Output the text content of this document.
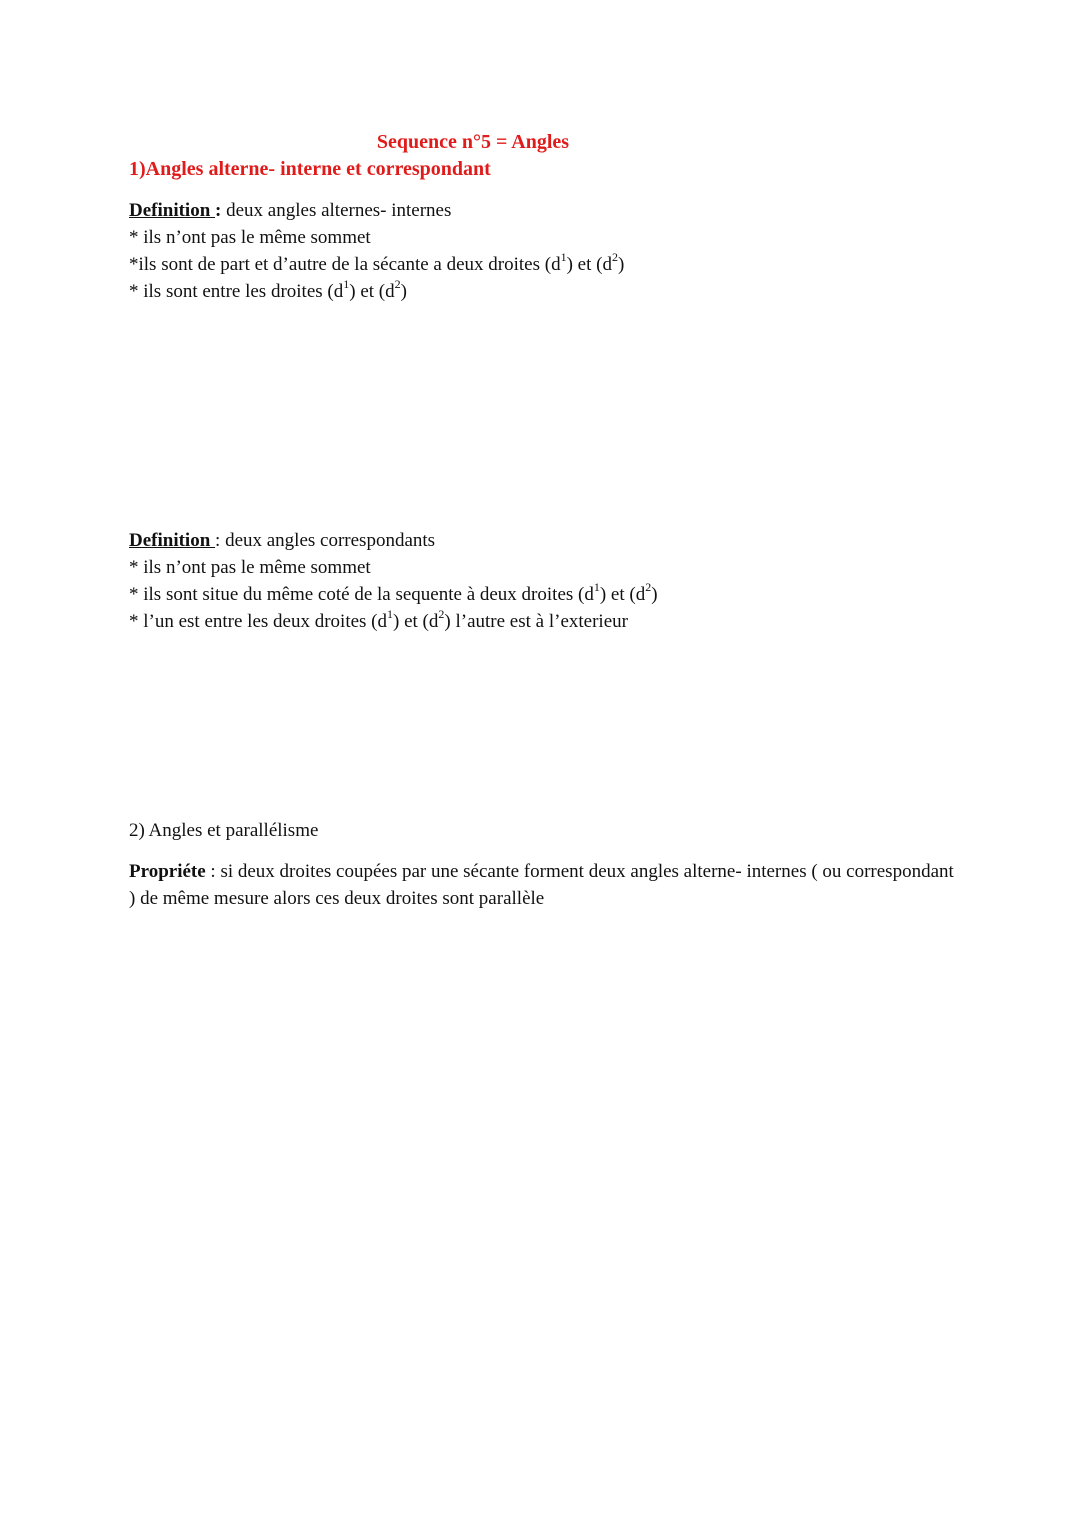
Sequence n°5 = Angles
1)Angles alterne- interne et correspondant
Definition : deux angles alternes- internes
* ils n’ont pas le même sommet
*ils sont de part et d’autre de la sécante a deux droites $(d^1)$ et $(d^2)$
* ils sont entre les droites $(d^1)$ et $(d^2)$
Definition : deux angles correspondants
* ils n’ont pas le même sommet
* ils sont situe du même coté de la sequente à deux droites $(d^1)$ et $(d^2)$
* l’un est entre les deux droites $(d^1)$ et $(d^2)$ l’autre est à l’exterieur
2) Angles et parallélisme
Propriéte : si deux droites coupées par une sécante forment deux angles alterne- internes ( ou correspondant ) de même mesure alors ces deux droites sont parallèle
